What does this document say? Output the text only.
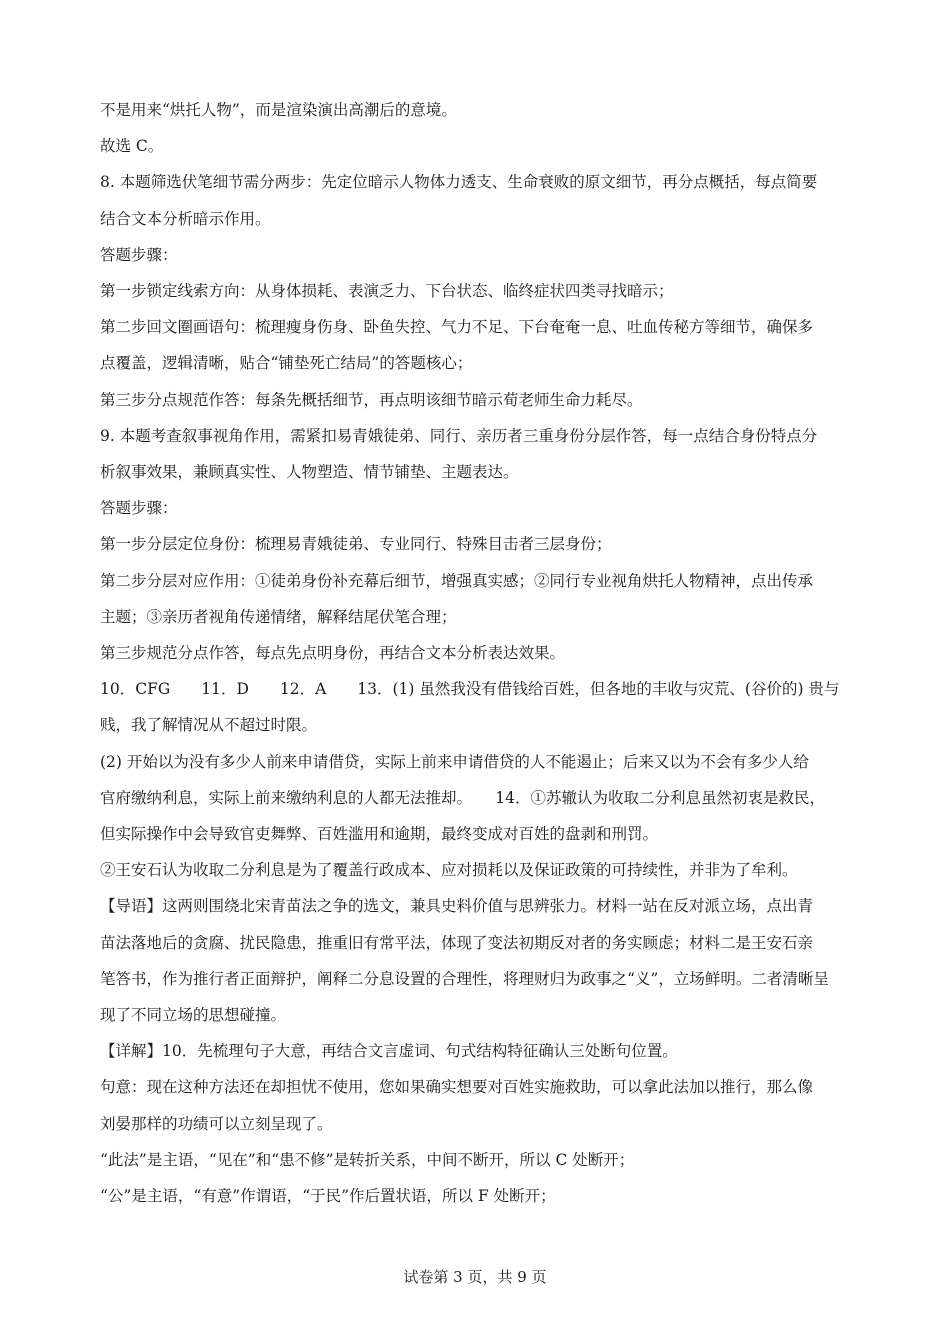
不是用来“烘托人物”，而是渲染演出高潮后的意境。
故选 C。
8. 本题筛选伏笔细节需分两步：先定位暗示人物体力透支、生命衰败的原文细节，再分点概括，每点简要
结合文本分析暗示作用。
答题步骤：
第一步锁定线索方向：从身体损耗、表演乏力、下台状态、临终症状四类寻找暗示；
第二步回文圈画语句：梳理瘦身伤身、卧鱼失控、气力不足、下台奄奄一息、吐血传秘方等细节，确保多
点覆盖，逻辑清晰，贴合“铺垫死亡结局”的答题核心；
第三步分点规范作答：每条先概括细节，再点明该细节暗示荀老师生命力耗尽。
9. 本题考查叙事视角作用，需紧扣易青娥徒弟、同行、亲历者三重身份分层作答，每一点结合身份特点分
析叙事效果，兼顾真实性、人物塑造、情节铺垫、主题表达。
答题步骤：
第一步分层定位身份：梳理易青娥徒弟、专业同行、特殊目击者三层身份；
第二步分层对应作用：①徒弟身份补充幕后细节，增强真实感；②同行专业视角烘托人物精神，点出传承
主题；③亲历者视角传递情绪，解释结尾伏笔合理；
第三步规范分点作答，每点先点明身份，再结合文本分析表达效果。
10．CFG　　11．D　　12．A　　13．(1) 虽然我没有借钱给百姓，但各地的丰收与灾荒、(谷价的) 贵与
贱，我了解情况从不超过时限。
(2) 开始以为没有多少人前来申请借贷，实际上前来申请借贷的人不能遏止；后来又以为不会有多少人给
官府缴纳利息，实际上前来缴纳利息的人都无法推却。　　14．①苏辙认为收取二分利息虽然初衷是救民，
但实际操作中会导致官吏舞弊、百姓滥用和逾期，最终变成对百姓的盘剥和刑罚。
②王安石认为收取二分利息是为了覆盖行政成本、应对损耗以及保证政策的可持续性，并非为了牟利。
【导语】这两则围绕北宋青苗法之争的选文，兼具史料价值与思辨张力。材料一站在反对派立场，点出青
苗法落地后的贪腐、扰民隐患，推重旧有常平法，体现了变法初期反对者的务实顾虑；材料二是王安石亲
笔答书，作为推行者正面辩护，阐释二分息设置的合理性，将理财归为政事之“义”，立场鲜明。二者清晰呈
现了不同立场的思想碰撞。
【详解】10．先梳理句子大意，再结合文言虚词、句式结构特征确认三处断句位置。
句意：现在这种方法还在却担忧不使用，您如果确实想要对百姓实施救助，可以拿此法加以推行，那么像
刘晏那样的功绩可以立刻呈现了。
“此法”是主语，“见在”和“患不修”是转折关系，中间不断开，所以 C 处断开；
“公”是主语，“有意”作谓语，“于民”作后置状语，所以 F 处断开；
试卷第 3 页，共 9 页
